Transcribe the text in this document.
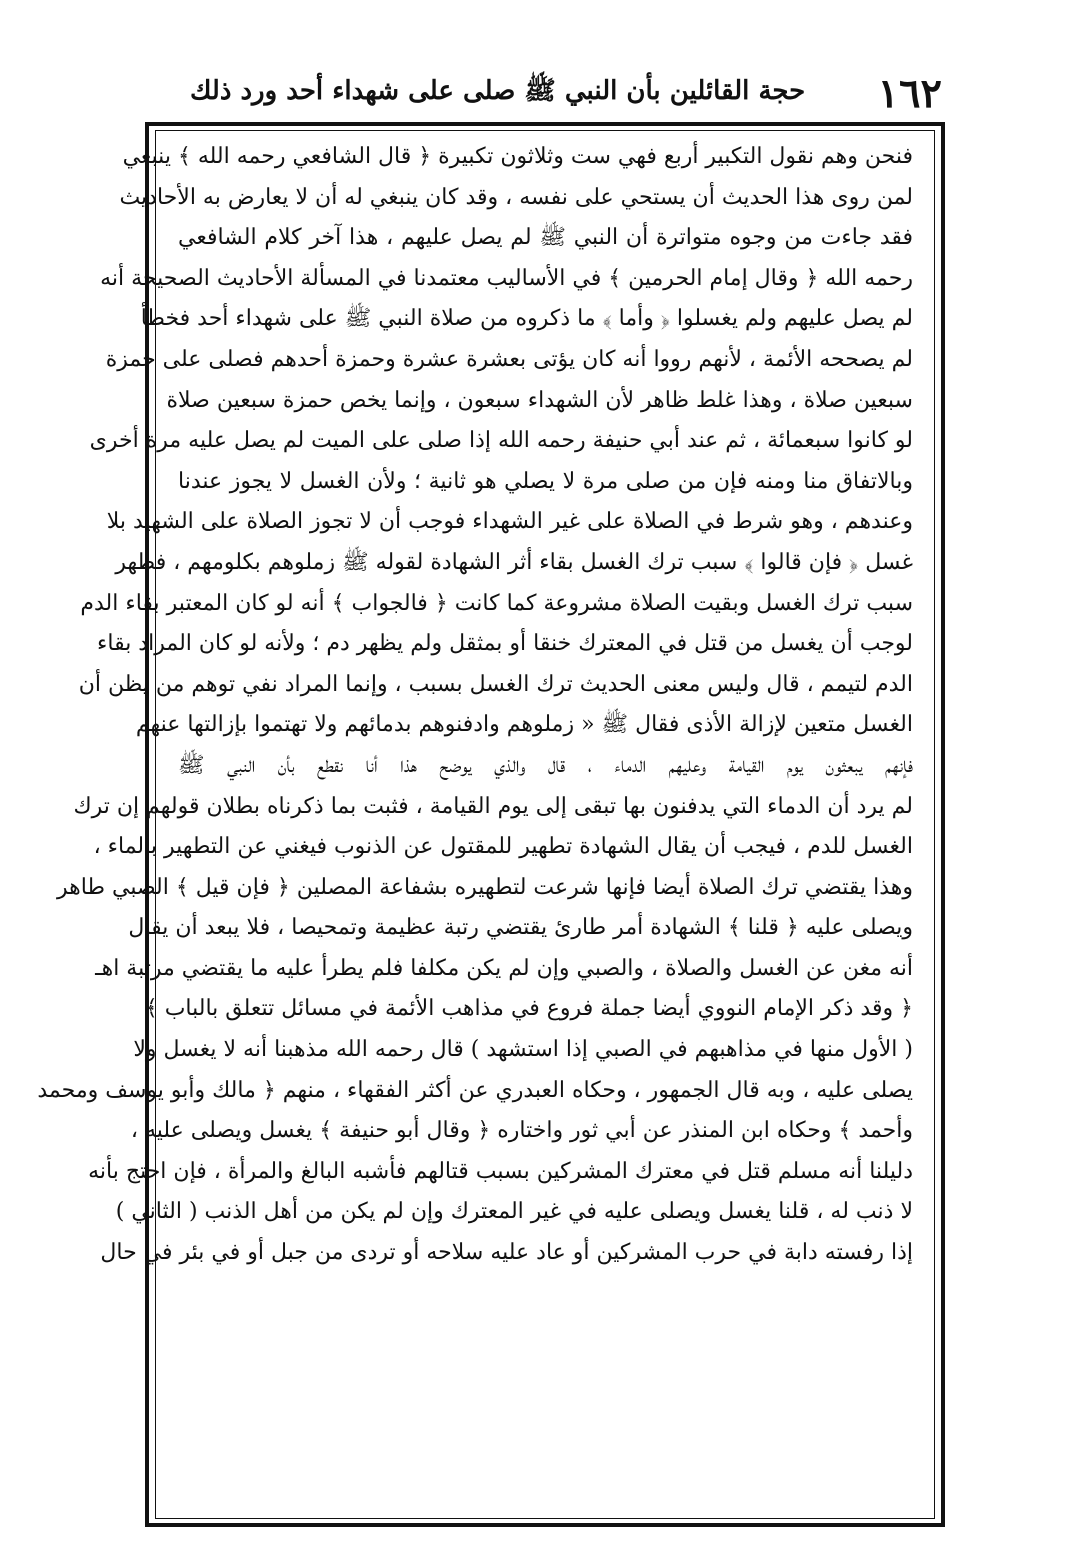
١٦٢
حجة القائلين بأن النبي ﷺ صلى على شهداء أحد ورد ذلك
فنحن وهم نقول التكبير أربع فهي ست وثلاثون تكبيرة ﴿ قال الشافعي رحمه الله ﴾ ينبغي
لمن روى هذا الحديث أن يستحي على نفسه ، وقد كان ينبغي له أن لا يعارض به الأحاديث
فقد جاءت من وجوه متواترة أن النبي ﷺ لم يصل عليهم ، هذا آخر كلام الشافعي
رحمه الله ﴿ وقال إمام الحرمين ﴾ في الأساليب معتمدنا في المسألة الأحاديث الصحيحة أنه
لم يصل عليهم ولم يغسلوا ﴿ وأما ﴾ ما ذكروه من صلاة النبي ﷺ على شهداء أحد فخطأ
لم يصححه الأئمة ، لأنهم رووا أنه كان يؤتى بعشرة عشرة وحمزة أحدهم فصلى على حمزة
سبعين صلاة ، وهذا غلط ظاهر لأن الشهداء سبعون ، وإنما يخص حمزة سبعين صلاة
لو كانوا سبعمائة ، ثم عند أبي حنيفة رحمه الله إذا صلى على الميت لم يصل عليه مرة أخرى
وبالاتفاق منا ومنه فإن من صلى مرة لا يصلي هو ثانية ؛ ولأن الغسل لا يجوز عندنا
وعندهم ، وهو شرط في الصلاة على غير الشهداء فوجب أن لا تجوز الصلاة على الشهيد بلا
غسل ﴿ فإن قالوا ﴾ سبب ترك الغسل بقاء أثر الشهادة لقوله ﷺ زملوهم بكلومهم ، فظهر
سبب ترك الغسل وبقيت الصلاة مشروعة كما كانت ﴿ فالجواب ﴾ أنه لو كان المعتبر بقاء الدم
لوجب أن يغسل من قتل في المعترك خنقا أو بمثقل ولم يظهر دم ؛ ولأنه لو كان المراد بقاء
الدم لتيمم ، قال وليس معنى الحديث ترك الغسل بسبب ، وإنما المراد نفي توهم من يظن أن
الغسل متعين لإزالة الأذى فقال ﷺ « زملوهم وادفنوهم بدمائهم ولا تهتموا بإزالتها عنهم
فإنهم يبعثون يوم القيامة وعليهم الدماء ، قال والذي يوضح هذا أنا نقطع بأن النبي ﷺ
لم يرد أن الدماء التي يدفنون بها تبقى إلى يوم القيامة ، فثبت بما ذكرناه بطلان قولهم إن ترك
الغسل للدم ، فيجب أن يقال الشهادة تطهير للمقتول عن الذنوب فيغني عن التطهير بالماء ،
وهذا يقتضي ترك الصلاة أيضا فإنها شرعت لتطهيره بشفاعة المصلين ﴿ فإن قيل ﴾ الصبي طاهر
ويصلى عليه ﴿ قلنا ﴾ الشهادة أمر طارئ يقتضي رتبة عظيمة وتمحيصا ، فلا يبعد أن يقال
أنه مغن عن الغسل والصلاة ، والصبي وإن لم يكن مكلفا فلم يطرأ عليه ما يقتضي مرتبة اهـ
﴿ وقد ذكر الإمام النووي أيضا جملة فروع في مذاهب الأئمة في مسائل تتعلق بالباب ﴾
( الأول منها في مذاهبهم في الصبي إذا استشهد ) قال رحمه الله مذهبنا أنه لا يغسل ولا
يصلى عليه ، وبه قال الجمهور ، وحكاه العبدري عن أكثر الفقهاء ، منهم ﴿ مالك وأبو يوسف ومحمد
وأحمد ﴾ وحكاه ابن المنذر عن أبي ثور واختاره ﴿ وقال أبو حنيفة ﴾ يغسل ويصلى عليه ،
دليلنا أنه مسلم قتل في معترك المشركين بسبب قتالهم فأشبه البالغ والمرأة ، فإن احتج بأنه
لا ذنب له ، قلنا يغسل ويصلى عليه في غير المعترك وإن لم يكن من أهل الذنب ( الثاني )
إذا رفسته دابة في حرب المشركين أو عاد عليه سلاحه أو تردى من جبل أو في بئر في حال
